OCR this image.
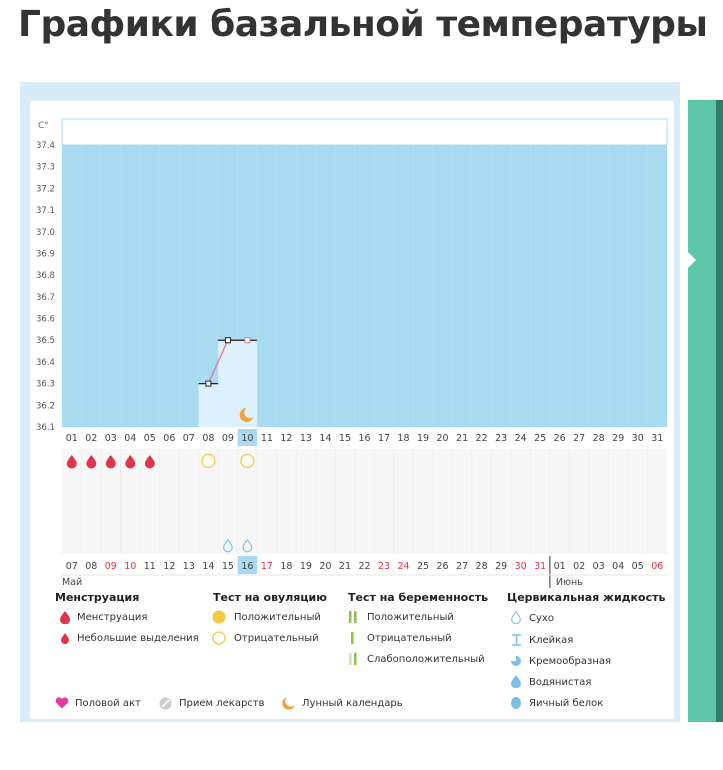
Графики базальной температуры
C°
37.4
37.3
37.2
37.1
37.0
36.9
36.8
36.7
36.6
36.5
36.4
36.3
36.2
36.1
01 02 03 04 05 06 07 08 09 10 11 12 13 14 15 16 17 18 19 20 21 22 23 24 25 26 27 28 29 30 31
07 08 09 10 11 12 13 14 15 16 17 18 19 20 21 22 23 24 25 26 27 28 29 30 31 01 02 03 04 05 06
Май	Июнь
Менструация
Менструация
Небольшие выделения
Тест на овуляцию
Положительный
Отрицательный
Тест на беременность
Положительный
Отрицательный
Слабоположительный
Цервикальная жидкость
Сухо
Клейкая
Кремообразная
Водянистая
Яичный белок
Половой акт	Прием лекарств	Лунный календарь
